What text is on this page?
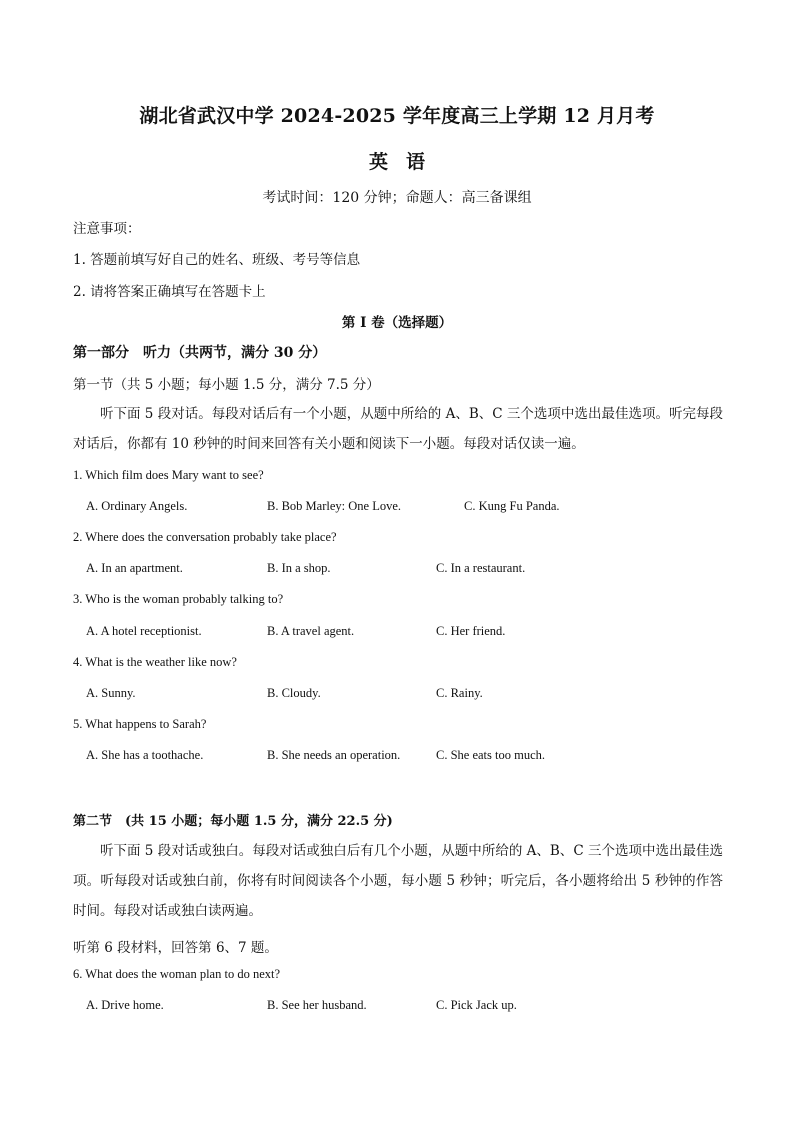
湖北省武汉中学 2024-2025 学年度高三上学期 12 月月考
英语
考试时间：120 分钟；命题人：高三备课组
注意事项：
1. 答题前填写好自己的姓名、班级、考号等信息
2. 请将答案正确填写在答题卡上
第 I 卷（选择题）
第一部分　听力（共两节，满分 30 分）
第一节（共 5 小题；每小题 1.5 分，满分 7.5 分）
听下面 5 段对话。每段对话后有一个小题，从题中所给的 A、B、C 三个选项中选出最佳选项。听完每段对话后，你都有 10 秒钟的时间来回答有关小题和阅读下一小题。每段对话仅读一遍。
1. Which film does Mary want to see?
A. Ordinary Angels.	B. Bob Marley: One Love.	C. Kung Fu Panda.
2. Where does the conversation probably take place?
A. In an apartment.	B. In a shop.	C. In a restaurant.
3. Who is the woman probably talking to?
A. A hotel receptionist.	B. A travel agent.	C. Her friend.
4. What is the weather like now?
A. Sunny.	B. Cloudy.	C. Rainy.
5. What happens to Sarah?
A. She has a toothache.	B. She needs an operation.	C. She eats too much.
第二节　(共 15 小题；每小题 1.5 分，满分 22.5 分)
听下面 5 段对话或独白。每段对话或独白后有几个小题，从题中所给的 A、B、C 三个选项中选出最佳选项。听每段对话或独白前，你将有时间阅读各个小题，每小题 5 秒钟；听完后，各小题将给出 5 秒钟的作答时间。每段对话或独白读两遍。
听第 6 段材料，回答第 6、7 题。
6. What does the woman plan to do next?
A. Drive home.	B. See her husband.	C. Pick Jack up.
